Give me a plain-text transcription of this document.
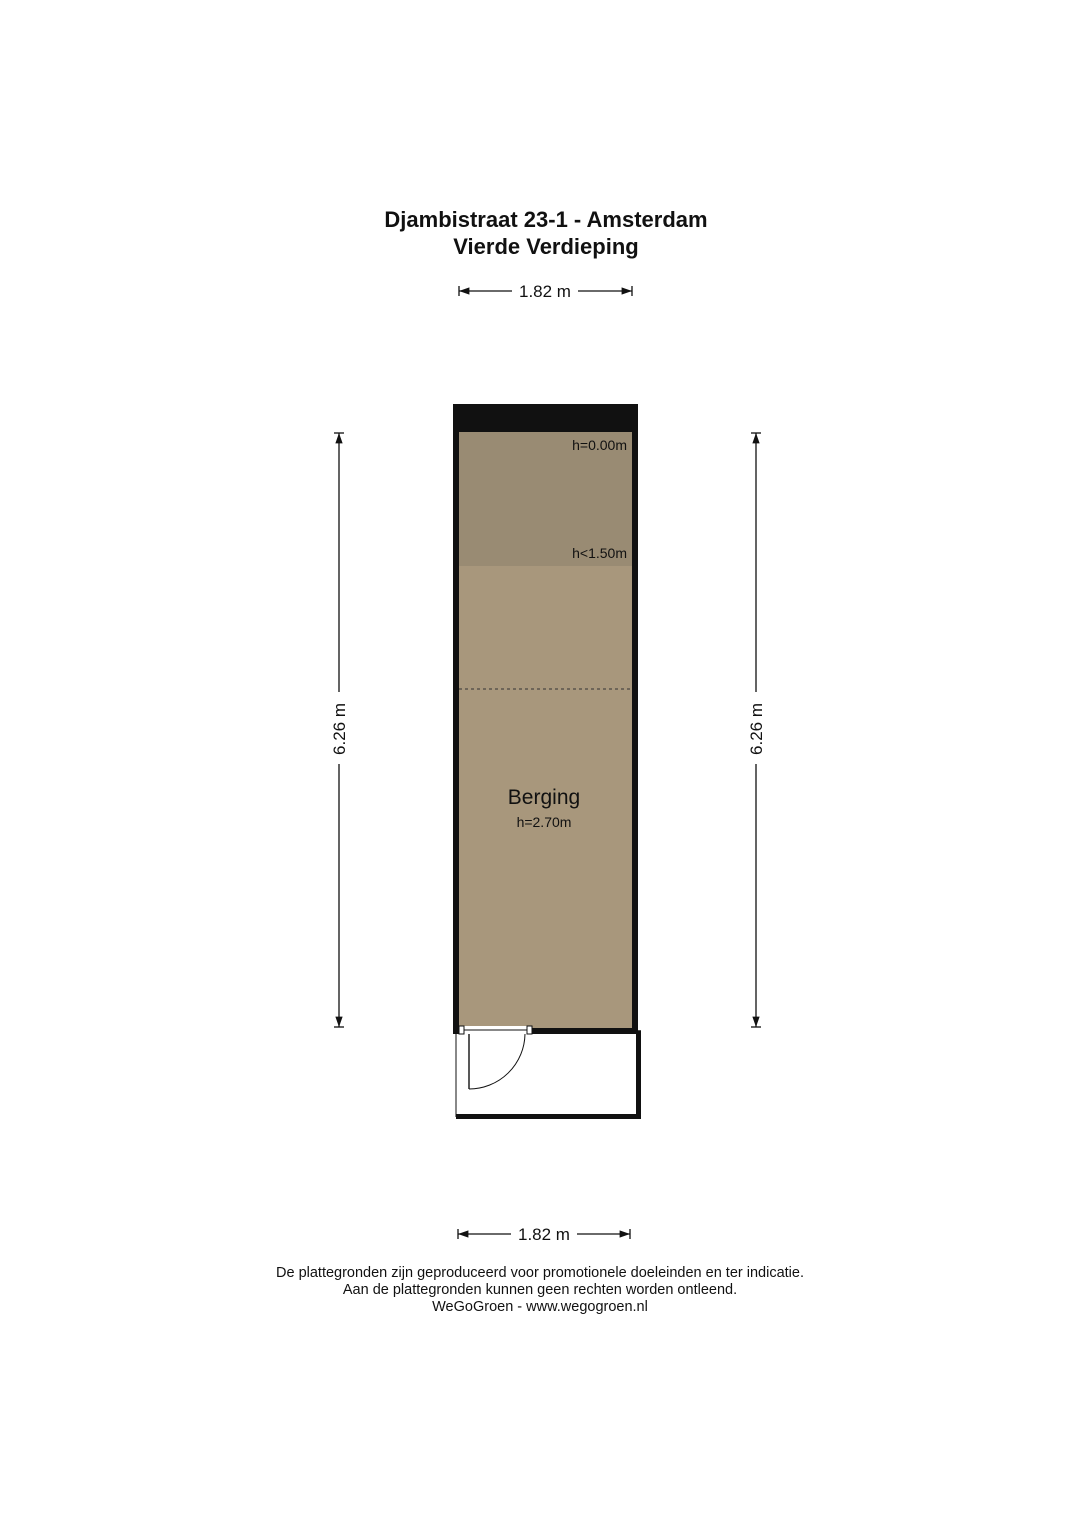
Djambistraat 23-1 - Amsterdam
Vierde Verdieping
1.82 m
6.26 m	6.26 m
h=0.00m
h<1.50m
Berging
h=2.70m
1.82 m
De plattegronden zijn geproduceerd voor promotionele doeleinden en ter indicatie.
Aan de plattegronden kunnen geen rechten worden ontleend.
WeGoGroen - www.wegogroen.nl
